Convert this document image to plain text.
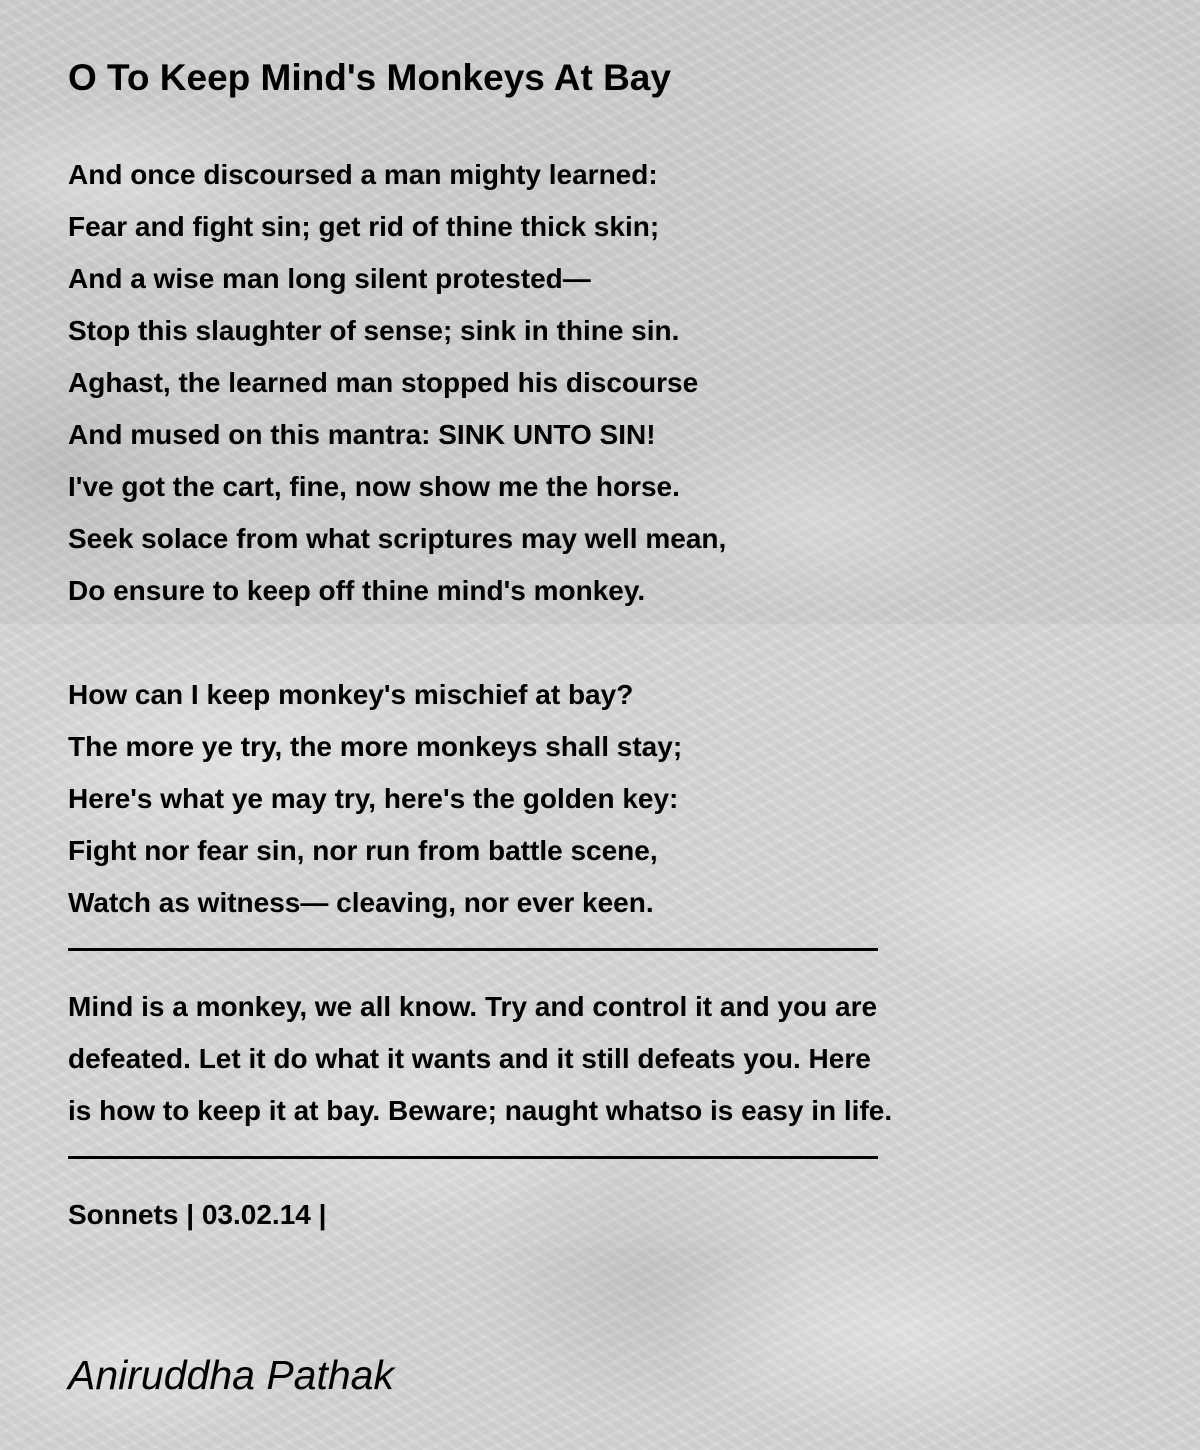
O To Keep Mind's Monkeys At Bay
And once discoursed a man mighty learned:
Fear and fight sin; get rid of thine thick skin;
And a wise man long silent protested—
Stop this slaughter of sense; sink in thine sin.
Aghast, the learned man stopped his discourse
And mused on this mantra: SINK UNTO SIN!
I've got the cart, fine, now show me the horse.
Seek solace from what scriptures may well mean,
Do ensure to keep off thine mind's monkey.
How can I keep monkey's mischief at bay?
The more ye try, the more monkeys shall stay;
Here's what ye may try, here's the golden key:
Fight nor fear sin, nor run from battle scene,
Watch as witness— cleaving, nor ever keen.
Mind is a monkey, we all know. Try and control it and you are
defeated. Let it do what it wants and it still defeats you. Here
is how to keep it at bay. Beware; naught whatso is easy in life.
Sonnets | 03.02.14 |

Aniruddha Pathak
